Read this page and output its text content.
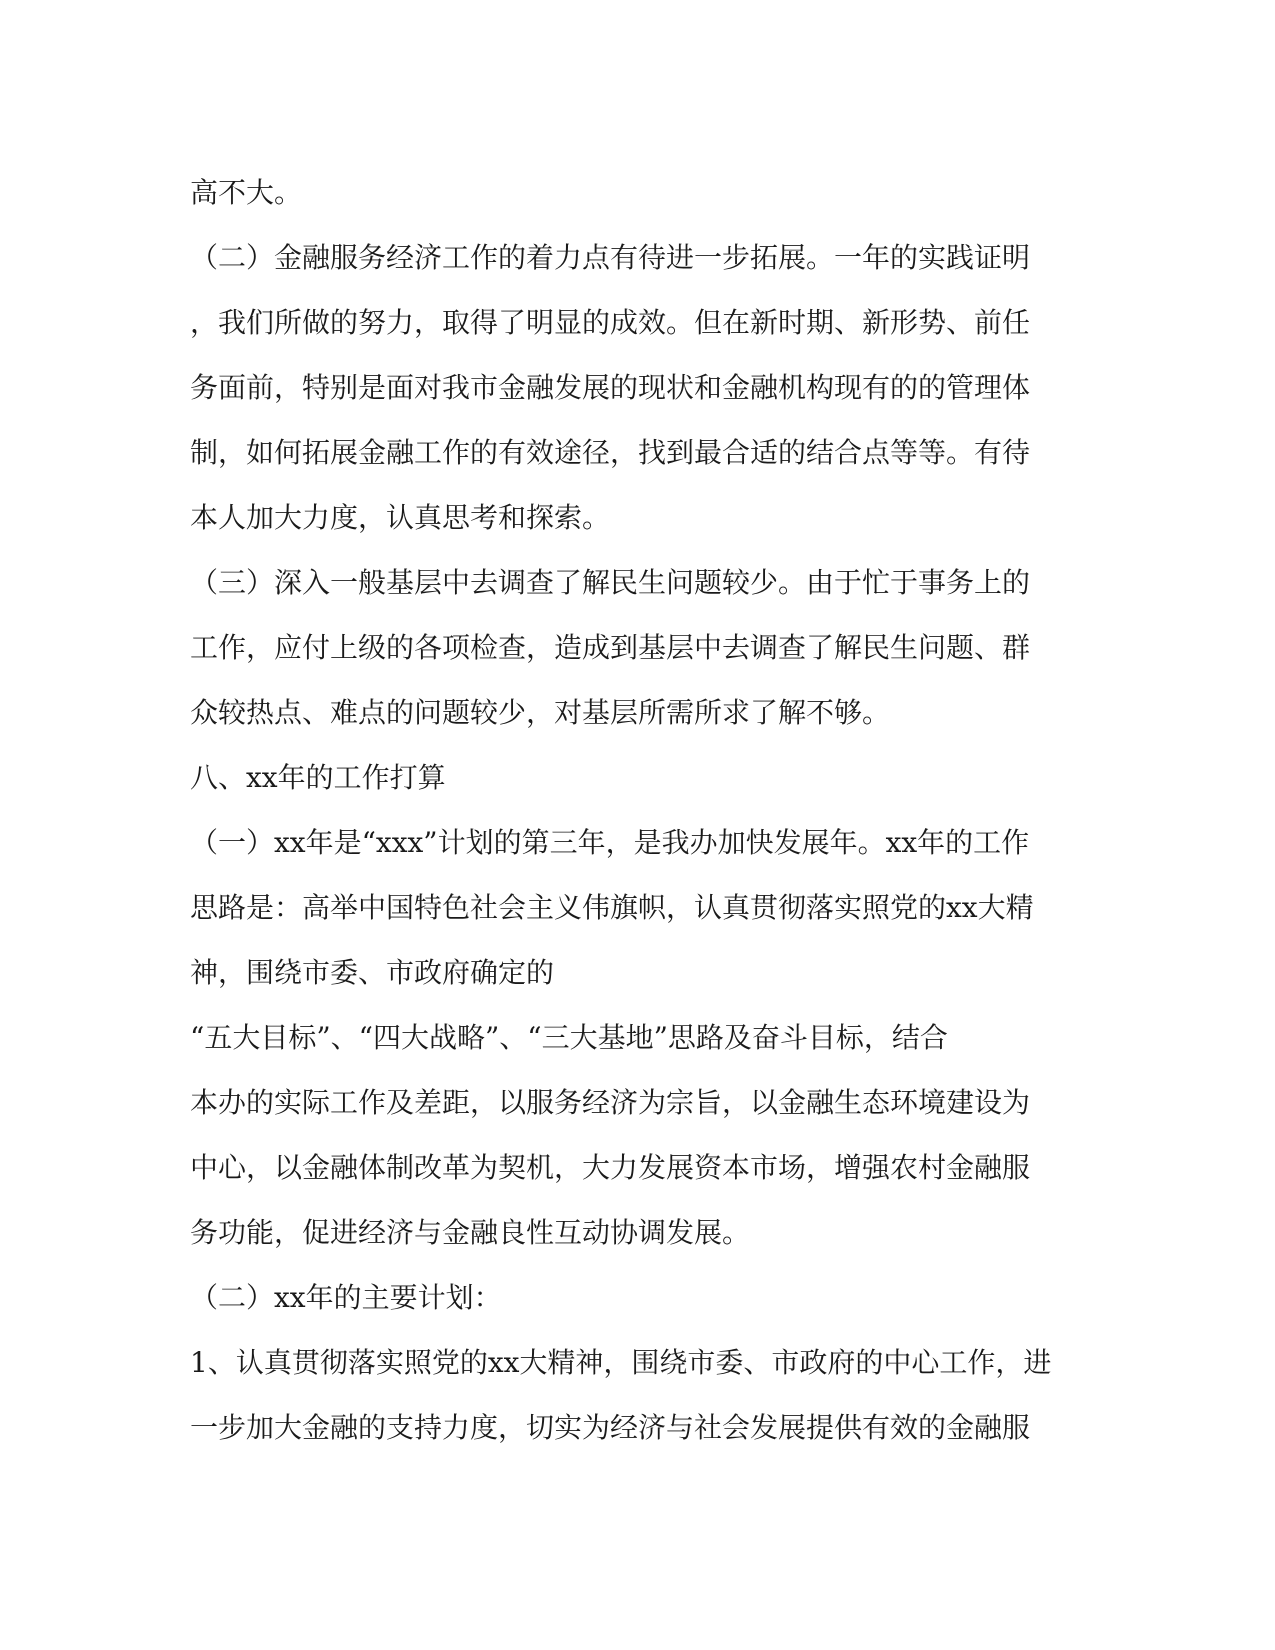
高不大。
（二）金融服务经济工作的着力点有待进一步拓展。一年的实践证明
，我们所做的努力，取得了明显的成效。但在新时期、新形势、前任
务面前，特别是面对我市金融发展的现状和金融机构现有的的管理体
制，如何拓展金融工作的有效途径，找到最合适的结合点等等。有待
本人加大力度，认真思考和探索。
（三）深入一般基层中去调查了解民生问题较少。由于忙于事务上的
工作，应付上级的各项检查，造成到基层中去调查了解民生问题、群
众较热点、难点的问题较少，对基层所需所求了解不够。
八、xx年的工作打算
（一）xx年是“xxx”计划的第三年，是我办加快发展年。xx年的工作
思路是：高举中国特色社会主义伟旗帜，认真贯彻落实照党的xx大精
神，围绕市委、市政府确定的
“五大目标”、“四大战略”、“三大基地”思路及奋斗目标，结合
本办的实际工作及差距，以服务经济为宗旨，以金融生态环境建设为
中心，以金融体制改革为契机，大力发展资本市场，增强农村金融服
务功能，促进经济与金融良性互动协调发展。
（二）xx年的主要计划：
1、认真贯彻落实照党的xx大精神，围绕市委、市政府的中心工作，进
一步加大金融的支持力度，切实为经济与社会发展提供有效的金融服
